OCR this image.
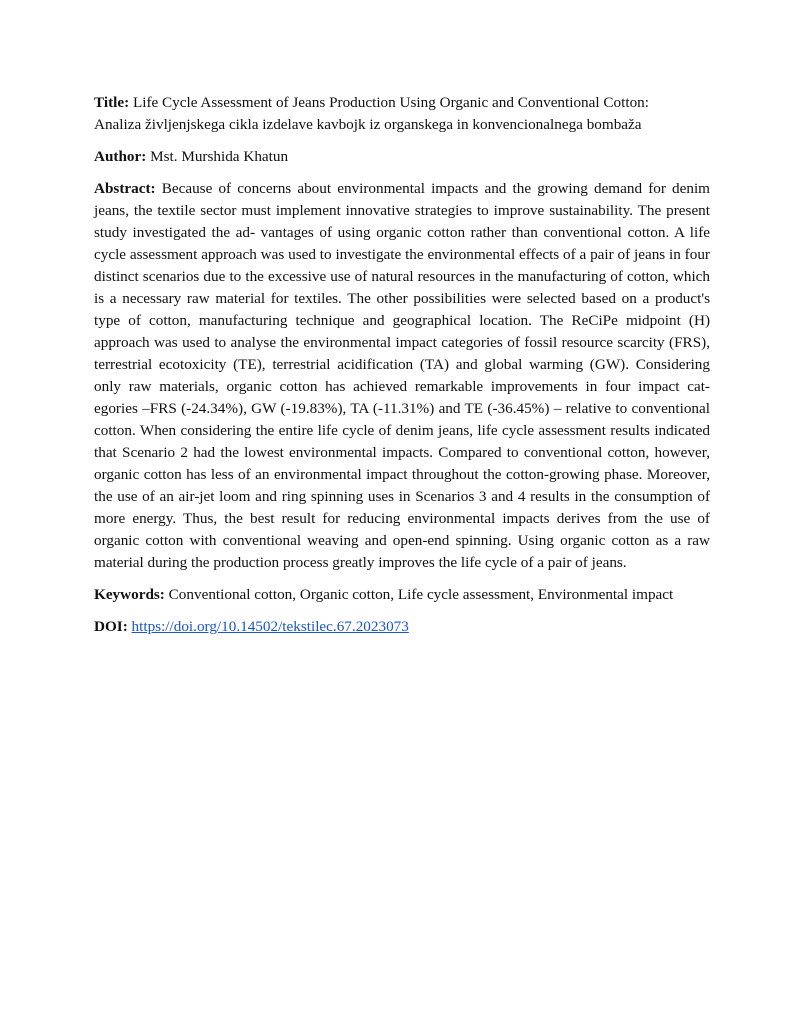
Title: Life Cycle Assessment of Jeans Production Using Organic and Conventional Cotton:
Analiza življenjskega cikla izdelave kavbojk iz organskega in konvencionalnega bombaža

Author: Mst. Murshida Khatun

Abstract: Because of concerns about environmental impacts and the growing demand for denim jeans, the textile sector must implement innovative strategies to improve sustainability. The present study investigated the ad- vantages of using organic cotton rather than conventional cotton. A life cycle assessment approach was used to investigate the environmental effects of a pair of jeans in four distinct scenarios due to the excessive use of natural resources in the manufacturing of cotton, which is a necessary raw material for textiles. The other possibilities were selected based on a product's type of cotton, manufacturing technique and geographical location. The ReCiPe midpoint (H) approach was used to analyse the environmental impact categories of fossil resource scarcity (FRS), terrestrial ecotoxicity (TE), terrestrial acidification (TA) and global warming (GW). Considering only raw materials, organic cotton has achieved remarkable improvements in four impact cat- egories –FRS (-24.34%), GW (-19.83%), TA (-11.31%) and TE (-36.45%) – relative to conventional cotton. When considering the entire life cycle of denim jeans, life cycle assessment results indicated that Scenario 2 had the lowest environmental impacts. Compared to conventional cotton, however, organic cotton has less of an environmental impact throughout the cotton-growing phase. Moreover, the use of an air-jet loom and ring spinning uses in Scenarios 3 and 4 results in the consumption of more energy. Thus, the best result for reducing environmental impacts derives from the use of organic cotton with conventional weaving and open-end spinning. Using organic cotton as a raw material during the production process greatly improves the life cycle of a pair of jeans.

Keywords: Conventional cotton, Organic cotton, Life cycle assessment, Environmental impact

DOI: https://doi.org/10.14502/tekstilec.67.2023073
